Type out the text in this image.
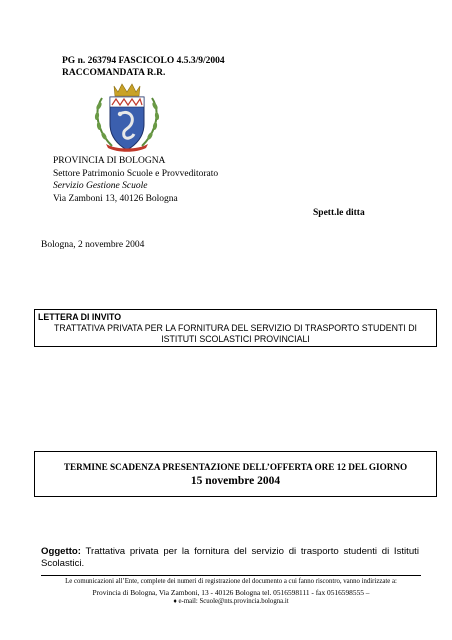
PG n. 263794 FASCICOLO 4.5.3/9/2004
RACCOMANDATA R.R.
PROVINCIA DI BOLOGNA
Settore Patrimonio Scuole e Provveditorato
Servizio Gestione Scuole
Via Zamboni 13, 40126 Bologna
Spett.le ditta
Bologna, 2 novembre 2004
LETTERA DI INVITO
TRATTATIVA PRIVATA PER LA FORNITURA DEL SERVIZIO DI TRASPORTO STUDENTI DI
ISTITUTI SCOLASTICI PROVINCIALI
TERMINE SCADENZA PRESENTAZIONE DELL’OFFERTA ORE 12 DEL GIORNO
15 novembre 2004
Oggetto: Trattativa privata per la fornitura del servizio di trasporto studenti di Istituti Scolastici.
Le comunicazioni all’Ente, complete dei numeri di registrazione del documento a cui fanno riscontro, vanno indirizzate a:
Provincia di Bologna, Via Zamboni, 13 - 40126 Bologna tel. 0516598111 - fax 0516598555 –
♦ e-mail: Scuole@nts.provincia.bologna.it
